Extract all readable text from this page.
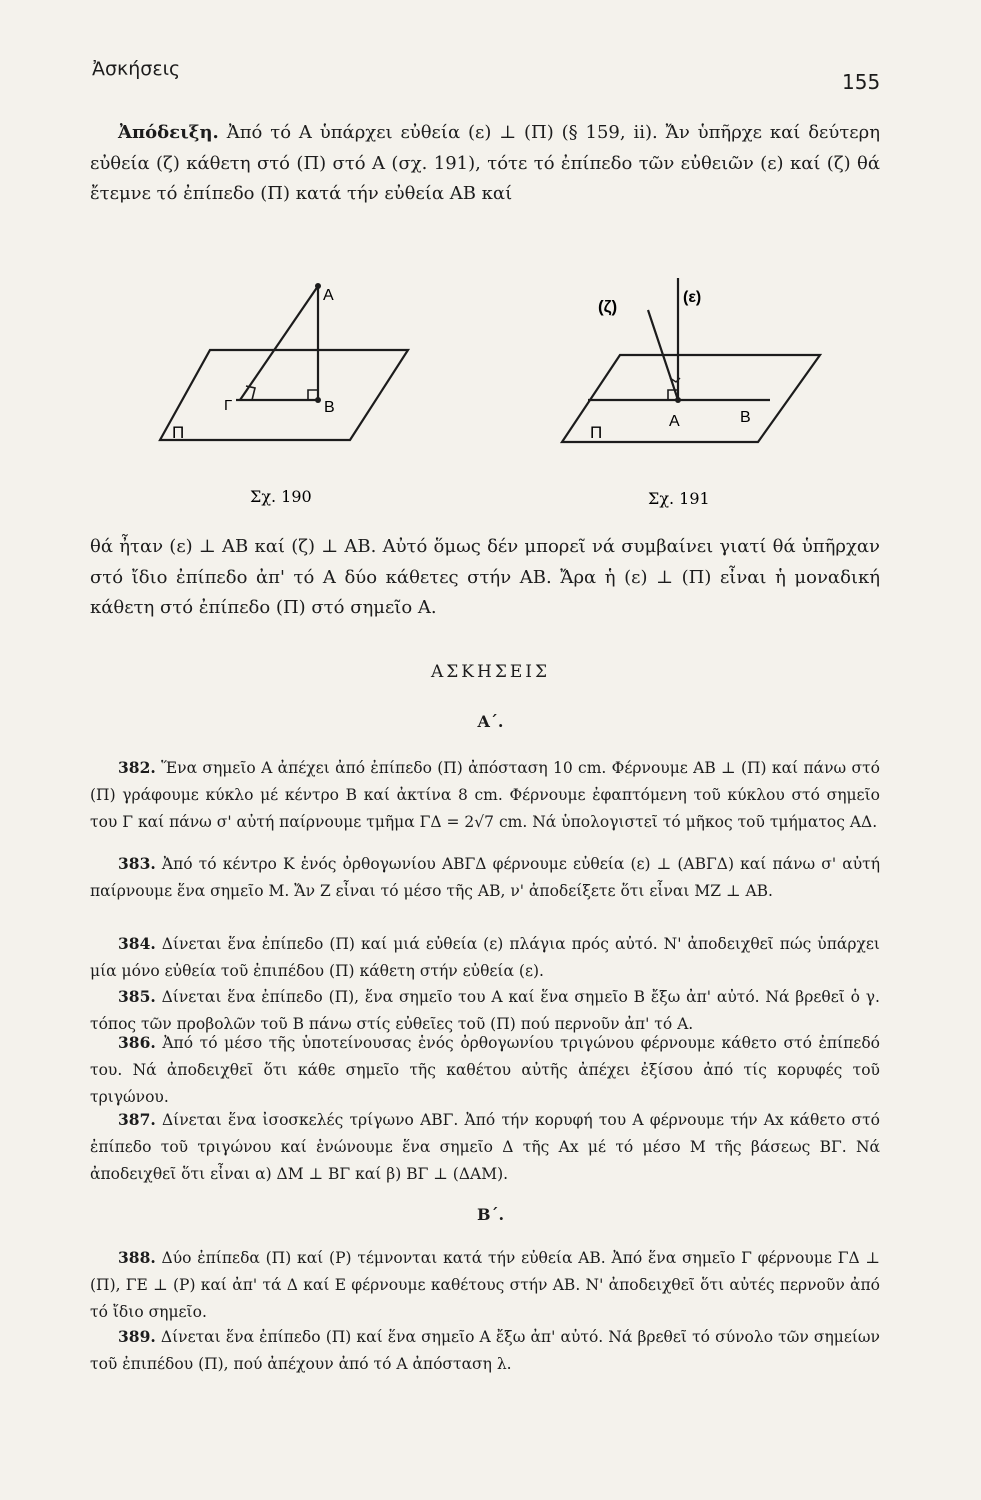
Ἀσκήσεις
155

Ἀπόδειξη. Ἀπό τό Α ὑπάρχει εὐθεία (ε) ⊥ (Π) (§ 159, ii). Ἄν ὑπῆρχε καί δεύτερη εὐθεία (ζ) κάθετη στό (Π) στό Α (σχ. 191), τότε τό ἐπίπεδο τῶν εὐθειῶν (ε) καί (ζ) θά ἔτεμνε τό ἐπίπεδο (Π) κατά τήν εὐθεία ΑΒ καί

A
Γ	B
Π
Σχ. 190
(ζ)	(ε)
A	B
Π
Σχ. 191

θά ἦταν (ε) ⊥ ΑΒ καί (ζ) ⊥ ΑΒ. Αὐτό ὅμως δέν μπορεῖ νά συμβαίνει γιατί θά ὑπῆρχαν στό ἴδιο ἐπίπεδο ἀπ' τό Α δύο κάθετες στήν ΑΒ. Ἄρα ἡ (ε) ⊥ (Π) εἶναι ἡ μοναδική κάθετη στό ἐπίπεδο (Π) στό σημεῖο Α.

ΑΣΚΗΣΕΙΣ
Α΄.

382. Ἕνα σημεῖο Α ἀπέχει ἀπό ἐπίπεδο (Π) ἀπόσταση 10 cm. Φέρνουμε ΑΒ ⊥ (Π) καί πάνω στό (Π) γράφουμε κύκλο μέ κέντρο Β καί ἀκτίνα 8 cm. Φέρνουμε ἐφαπτόμενη τοῦ κύκλου στό σημεῖο του Γ καί πάνω σ' αὐτή παίρνουμε τμῆμα ΓΔ = 2√7 cm. Νά ὑπολογιστεῖ τό μῆκος τοῦ τμήματος ΑΔ.

383. Ἀπό τό κέντρο Κ ἑνός ὀρθογωνίου ΑΒΓΔ φέρνουμε εὐθεία (ε) ⊥ (ΑΒΓΔ) καί πάνω σ' αὐτή παίρνουμε ἕνα σημεῖο Μ. Ἄν Ζ εἶναι τό μέσο τῆς ΑΒ, ν' ἀποδείξετε ὅτι εἶναι ΜΖ ⊥ ΑΒ.

384. Δίνεται ἕνα ἐπίπεδο (Π) καί μιά εὐθεία (ε) πλάγια πρός αὐτό. Ν' ἀποδειχθεῖ πώς ὑπάρχει μία μόνο εὐθεία τοῦ ἐπιπέδου (Π) κάθετη στήν εὐθεία (ε).

385. Δίνεται ἕνα ἐπίπεδο (Π), ἕνα σημεῖο του Α καί ἕνα σημεῖο Β ἔξω ἀπ' αὐτό. Νά βρεθεῖ ὁ γ. τόπος τῶν προβολῶν τοῦ Β πάνω στίς εὐθεῖες τοῦ (Π) πού περνοῦν ἀπ' τό Α.

386. Ἀπό τό μέσο τῆς ὑποτείνουσας ἑνός ὀρθογωνίου τριγώνου φέρνουμε κάθετο στό ἐπίπεδό του. Νά ἀποδειχθεῖ ὅτι κάθε σημεῖο τῆς καθέτου αὐτῆς ἀπέχει ἐξίσου ἀπό τίς κορυφές τοῦ τριγώνου.

387. Δίνεται ἕνα ἰσοσκελές τρίγωνο ΑΒΓ. Ἀπό τήν κορυφή του Α φέρνουμε τήν Αx κάθετο στό ἐπίπεδο τοῦ τριγώνου καί ἑνώνουμε ἕνα σημεῖο Δ τῆς Αx μέ τό μέσο Μ τῆς βάσεως ΒΓ. Νά ἀποδειχθεῖ ὅτι εἶναι α) ΔΜ ⊥ ΒΓ καί β) ΒΓ ⊥ (ΔΑΜ).

Β΄.

388. Δύο ἐπίπεδα (Π) καί (Ρ) τέμνονται κατά τήν εὐθεία ΑΒ. Ἀπό ἕνα σημεῖο Γ φέρνουμε ΓΔ ⊥ (Π), ΓΕ ⊥ (Ρ) καί ἀπ' τά Δ καί Ε φέρνουμε καθέτους στήν ΑΒ. Ν' ἀποδειχθεῖ ὅτι αὐτές περνοῦν ἀπό τό ἴδιο σημεῖο.

389. Δίνεται ἕνα ἐπίπεδο (Π) καί ἕνα σημεῖο Α ἔξω ἀπ' αὐτό. Νά βρεθεῖ τό σύνολο τῶν σημείων τοῦ ἐπιπέδου (Π), πού ἀπέχουν ἀπό τό Α ἀπόσταση λ.
